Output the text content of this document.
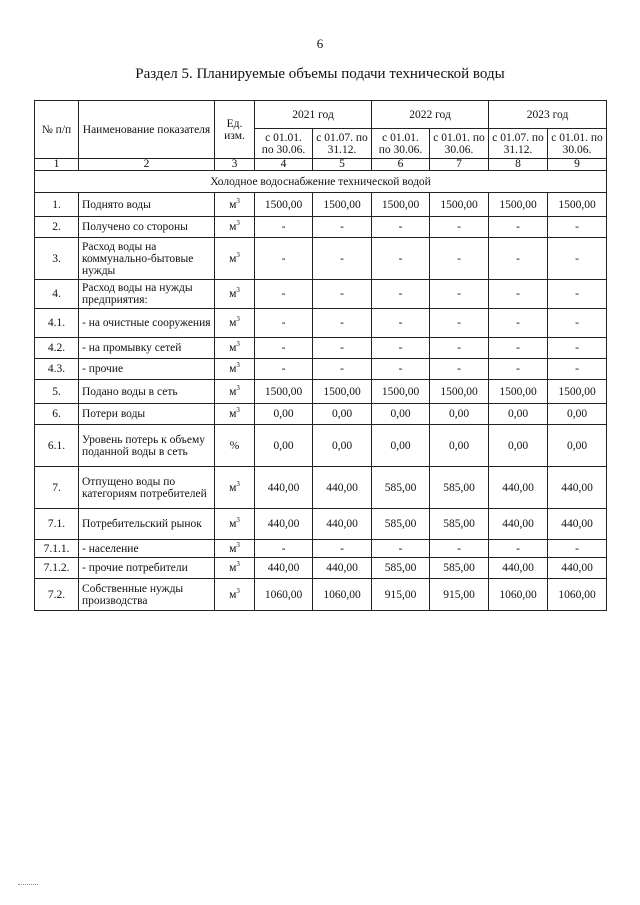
6
Раздел 5. Планируемые объемы подачи технической воды
№ п/п	Наименование показателя	Ед. изм.	2021 год		2022 год		2023 год	
			с 01.01. по 30.06.	с 01.07. по 31.12.	с 01.01. по 30.06.	с 01.01. по 30.06.	с 01.07. по 31.12.	с 01.01. по 30.06.
1	2	3	4	5	6	7	8	9
Холодное водоснабжение технической водой								
1.	Поднято воды	$м^3$	1500,00	1500,00	1500,00	1500,00	1500,00	1500,00
2.	Получено со стороны	$м^3$	-	-	-	-	-	-
3.	Расход воды на коммунально-бытовые нужды	$м^3$	-	-	-	-	-	-
4.	Расход воды на нужды предприятия:	$м^3$	-	-	-	-	-	-
4.1.	- на очистные сооружения	$м^3$	-	-	-	-	-	-
4.2.	- на промывку сетей	$м^3$	-	-	-	-	-	-
4.3.	- прочие	$м^3$	-	-	-	-	-	-
5.	Подано воды в сеть	$м^3$	1500,00	1500,00	1500,00	1500,00	1500,00	1500,00
6.	Потери воды	$м^3$	0,00	0,00	0,00	0,00	0,00	0,00
6.1.	Уровень потерь к объему поданной воды в сеть	%	0,00	0,00	0,00	0,00	0,00	0,00
7.	Отпущено воды по категориям потребителей	$м^3$	440,00	440,00	585,00	585,00	440,00	440,00
7.1.	Потребительский рынок	$м^3$	440,00	440,00	585,00	585,00	440,00	440,00
7.1.1.	- население	$м^3$	-	-	-	-	-	-
7.1.2.	- прочие потребители	$м^3$	440,00	440,00	585,00	585,00	440,00	440,00
7.2.	Собственные нужды производства	$м^3$	1060,00	1060,00	915,00	915,00	1060,00	1060,00
